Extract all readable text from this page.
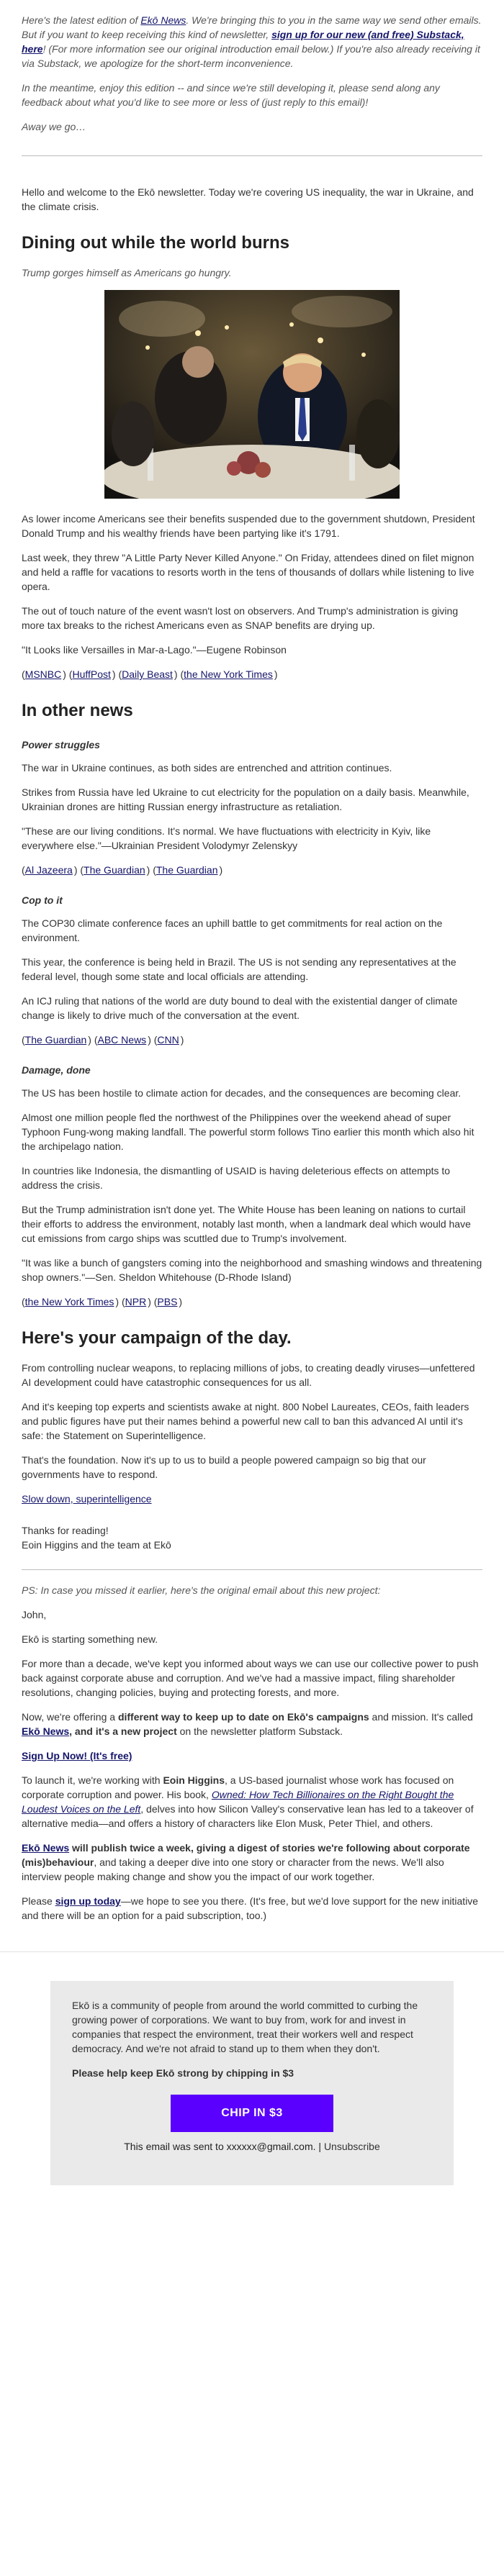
Here's the latest edition of Ekō News. We're bringing this to you in the same way we send other emails. But if you want to keep receiving this kind of newsletter, sign up for our new (and free) Substack, here! (For more information see our original introduction email below.) If you're also already receiving it via Substack, we apologize for the short-term inconvenience.

In the meantime, enjoy this edition -- and since we're still developing it, please send along any feedback about what you'd like to see more or less of (just reply to this email)!

Away we go…

Hello and welcome to the Ekō newsletter. Today we're covering US inequality, the war in Ukraine, and the climate crisis.

Dining out while the world burns

Trump gorges himself as Americans go hungry.

As lower income Americans see their benefits suspended due to the government shutdown, President Donald Trump and his wealthy friends have been partying like it's 1791.

Last week, they threw "A Little Party Never Killed Anyone." On Friday, attendees dined on filet mignon and held a raffle for vacations to resorts worth in the tens of thousands of dollars while listening to live opera.

The out of touch nature of the event wasn't lost on observers. And Trump's administration is giving more tax breaks to the richest Americans even as SNAP benefits are drying up.

"It Looks like Versailles in Mar-a-Lago."—Eugene Robinson

(MSNBC ) (HuffPost ) (Daily Beast ) (the New York Times )

In other news
Power struggles

The war in Ukraine continues, as both sides are entrenched and attrition continues.

Strikes from Russia have led Ukraine to cut electricity for the population on a daily basis. Meanwhile, Ukrainian drones are hitting Russian energy infrastructure as retaliation.

"These are our living conditions. It's normal. We have fluctuations with electricity in Kyiv, like everywhere else."—Ukrainian President Volodymyr Zelenskyy

(Al Jazeera ) (The Guardian ) (The Guardian )

Cop to it

The COP30 climate conference faces an uphill battle to get commitments for real action on the environment.

This year, the conference is being held in Brazil. The US is not sending any representatives at the federal level, though some state and local officials are attending.

An ICJ ruling that nations of the world are duty bound to deal with the existential danger of climate change is likely to drive much of the conversation at the event.

(The Guardian ) (ABC News ) (CNN )

Damage, done

The US has been hostile to climate action for decades, and the consequences are becoming clear.

Almost one million people fled the northwest of the Philippines over the weekend ahead of super Typhoon Fung-wong making landfall. The powerful storm follows Tino earlier this month which also hit the archipelago nation.

In countries like Indonesia, the dismantling of USAID is having deleterious effects on attempts to address the crisis.

But the Trump administration isn't done yet. The White House has been leaning on nations to curtail their efforts to address the environment, notably last month, when a landmark deal which would have cut emissions from cargo ships was scuttled due to Trump's involvement.

"It was like a bunch of gangsters coming into the neighborhood and smashing windows and threatening shop owners."—Sen. Sheldon Whitehouse (D-Rhode Island)

(the New York Times ) (NPR ) (PBS )

Here's your campaign of the day.

From controlling nuclear weapons, to replacing millions of jobs, to creating deadly viruses—unfettered AI development could have catastrophic consequences for us all.

And it's keeping top experts and scientists awake at night. 800 Nobel Laureates, CEOs, faith leaders and public figures have put their names behind a powerful new call to ban this advanced AI until it's safe: the Statement on Superintelligence.

That's the foundation. Now it's up to us to build a people powered campaign so big that our governments have to respond.

Slow down, superintelligence

Thanks for reading!
Eoin Higgins and the team at Ekō

PS: In case you missed it earlier, here's the original email about this new project:

John,

Ekō is starting something new.

For more than a decade, we've kept you informed about ways we can use our collective power to push back against corporate abuse and corruption. And we've had a massive impact, filing shareholder resolutions, changing policies, buying and protecting forests, and more.

Now, we're offering a different way to keep up to date on Ekō's campaigns and mission. It's called Ekō News, and it's a new project on the newsletter platform Substack.

Sign Up Now! (It's free)

To launch it, we're working with Eoin Higgins, a US-based journalist whose work has focused on corporate corruption and power. His book, Owned: How Tech Billionaires on the Right Bought the Loudest Voices on the Left, delves into how Silicon Valley's conservative lean has led to a takeover of alternative media—and offers a history of characters like Elon Musk, Peter Thiel, and others.

Ekō News will publish twice a week, giving a digest of stories we're following about corporate (mis)behaviour, and taking a deeper dive into one story or character from the news. We'll also interview people making change and show you the impact of our work together.

Please sign up today—we hope to see you there. (It's free, but we'd love support for the new initiative and there will be an option for a paid subscription, too.)

Ekō is a community of people from around the world committed to curbing the growing power of corporations. We want to buy from, work for and invest in companies that respect the environment, treat their workers well and respect democracy. And we're not afraid to stand up to them when they don't.

Please help keep Ekō strong by chipping in $3

CHIP IN $3

This email was sent to xxxxxx@gmail.com. | Unsubscribe
